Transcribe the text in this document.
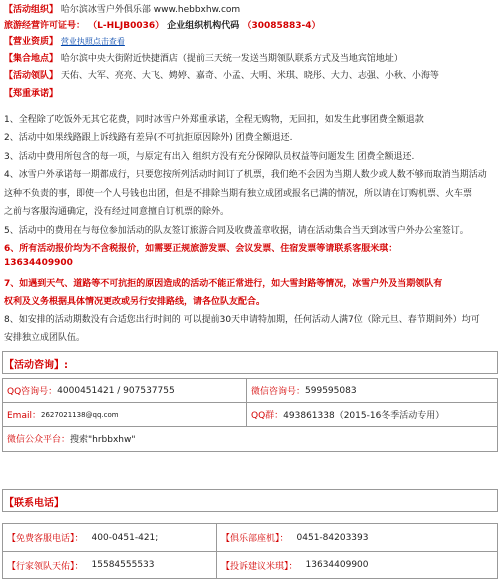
【活动组织】 哈尔滨冰雪户外俱乐部 www.hebbxhw.com
旅游经营许可证号： （L-HLJB0036） 企业组织机构代码 （30085883-4）
【营业资质】 营业执照点击查看
【集合地点】 哈尔滨中央大街附近快捷酒店（提前三天统一发送当期领队联系方式及当地宾馆地址）
【活动领队】 天佑、大军、亮亮、大飞、娉婷、嘉奇、小孟、大明、米琪、晓彤、大力、志强、小秋、小海等
【郑重承诺】
1、全程除了吃饭外无其它花费，同时冰雪户外郑重承诺，全程无购物，无回扣，如发生此事团费全额退款
2、活动中如果线路跟上诉线路有差异(不可抗拒原因除外) 团费全额退还.
3、活动中费用所包含的每一项，与原定有出入 组织方没有充分保障队员权益等问题发生 团费全额退还.
4、冰雪户外承诺每一期都成行，只要您按所列活动时间订了机票，我们绝不会因为当期人数少或人数不够而取消当期活动
这种不负责的事，即使一个人号钱也出团，但是不排除当期有独立成团或报名已满的情况，所以请在订购机票、火车票
之前与客服沟通确定，没有经过同意擅自订机票的除外。
5、活动中的费用在与每位参加活动的队友签订旅游合同及收费盖章收据，请在活动集合当天到冰雪户外办公室签订。
6、所有活动报价均为不含税报价，如需要正规旅游发票、会议发票、住宿发票等请联系客服米琪：
13634409900
7、如遇到天气、道路等不可抗拒的原因造成的活动不能正常进行，如大雪封路等情况，冰雪户外及当期领队有
权利及义务根据具体情况更改或另行安排路线，请各位队友配合。
8、如安排的活动期数没有合适您出行时间的 可以提前30天申请特加期，任何活动人满7位（除元旦、春节期间外）均可
安排独立成团队伍。
【活动咨询】:
QQ咨询号： 4000451421 / 907537755	微信咨询号： 599595083
Email： 2627021138@qq.com	QQ群： 493861338（2015-16冬季活动专用）
微信公众平台： 搜索"hrbbxhw"
【联系电话】
【免费客服电话】： 400-0451-421;	【俱乐部座机】： 0451-84203393
【行家领队天佑】： 15584555533	【投诉建议米琪】： 13634409900
